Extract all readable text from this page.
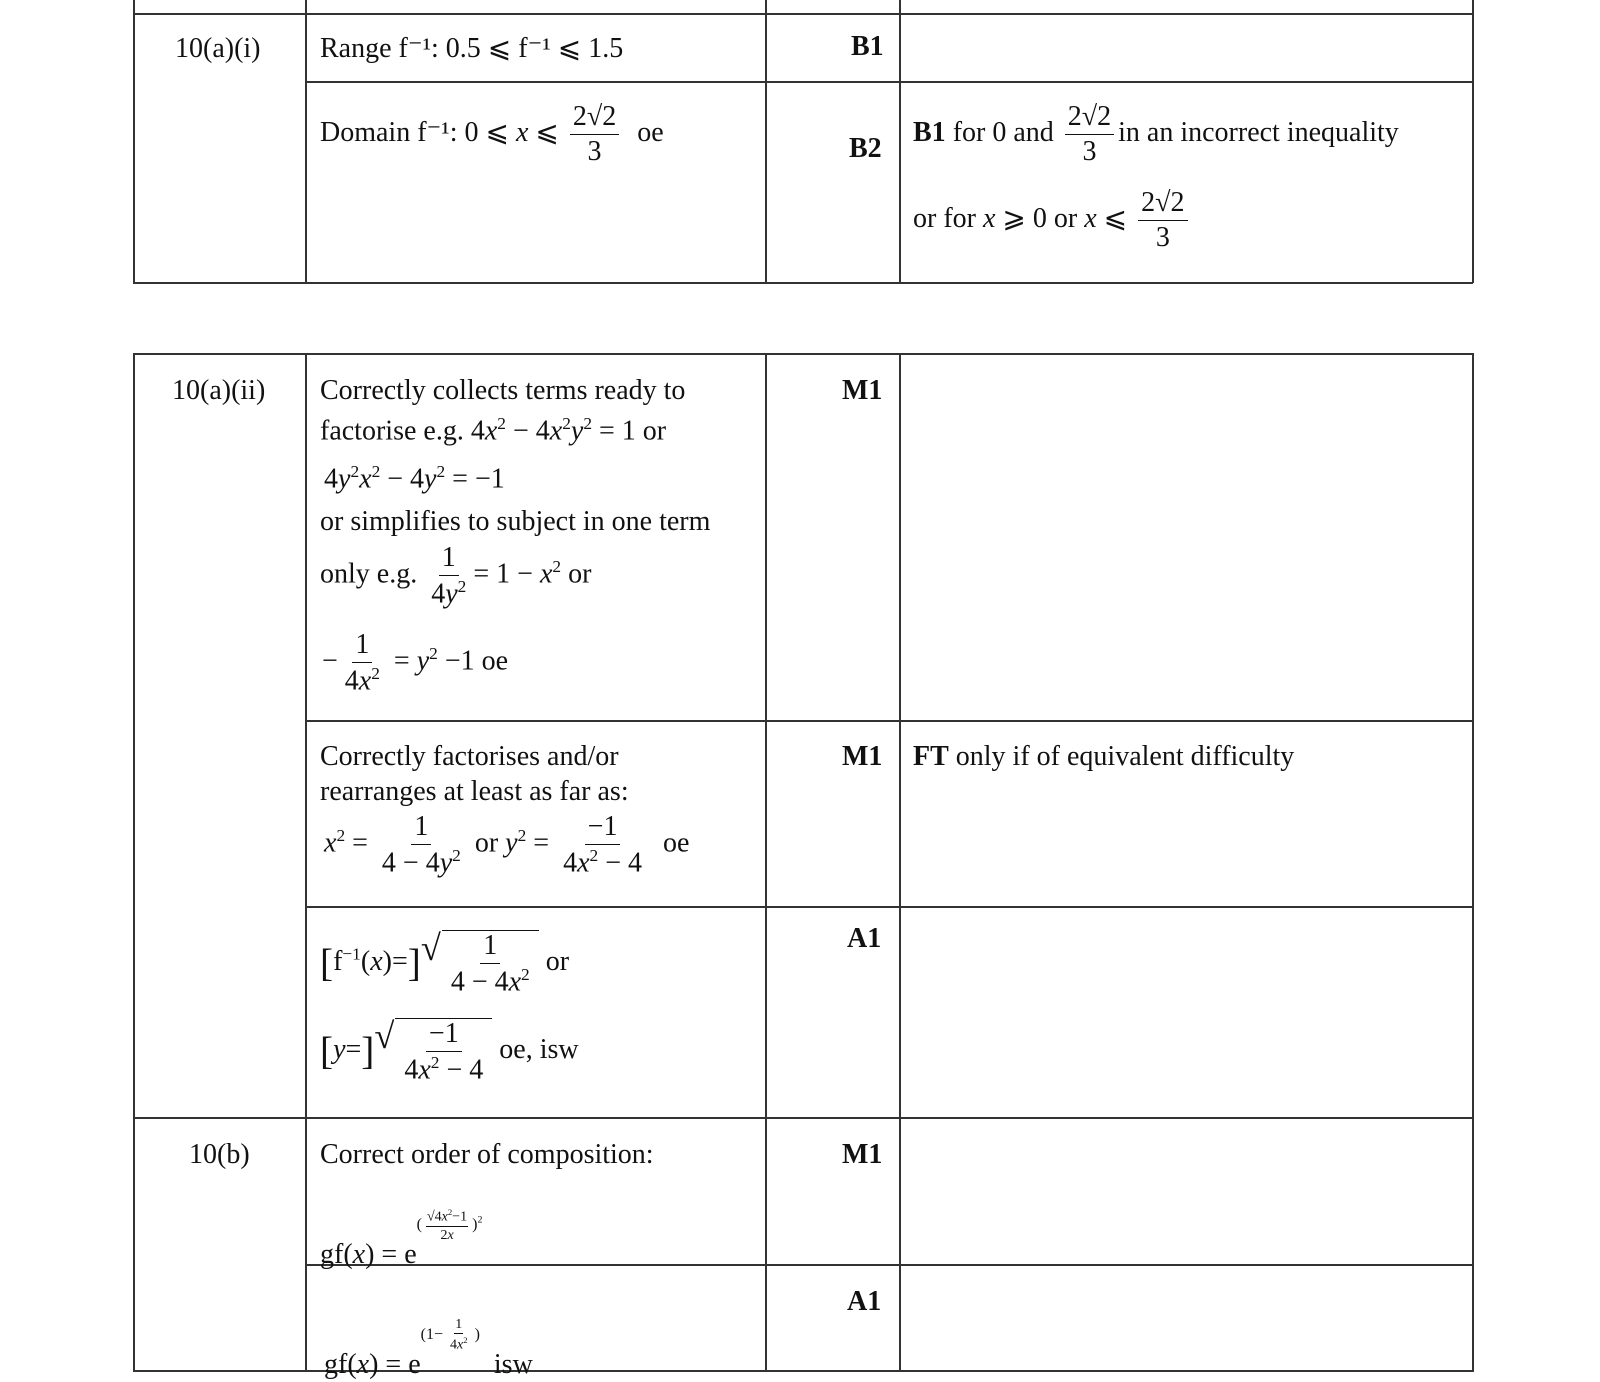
10(a)(i) Range f⁻¹: 0.5 ⩽ f⁻¹ ⩽ 1.5	B1
Domain f⁻¹: 0 ⩽ x ⩽ $\frac{2√2}{3}$ oe
B2
B1 for 0 and $\frac{2√2}{3}$ in an incorrect inequality
or for x ⩾ 0 or x ⩽ $\frac{2√2}{3}$
10(a)(ii) Correctly collects terms ready to
factorise e.g. $4x^2 - 4x^2y^2 = 1$ or
$4y^2x^2 - 4y^2 = -1$
or simplifies to subject in one term
only e.g. $\frac{1}{4y^2} = 1 - x^2$ or
− $\frac{1}{4x^2} = y^2 -1$ oe
M1
Correctly factorises and/or
rearranges at least as far as:
$x^2 = \frac{1}{4 - 4y^2}$ or $y^2 = \frac{-1}{4x^2 - 4}$ oe
M1 FT only if of equivalent difficulty
$[f^{-1}(x)=]$ √ $\frac{1}{4 - 4x^2}$ or
[y=] √ $\frac{-1}{4x^2 - 4}$ oe, isw
A1
10(b)	Correct order of composition:
$gf(x) = e( \frac{√4x^2-1}{2x} )^2$
M1
$gf(x) = e(1- \frac{1}{4x^2}$ )  isw
A1
